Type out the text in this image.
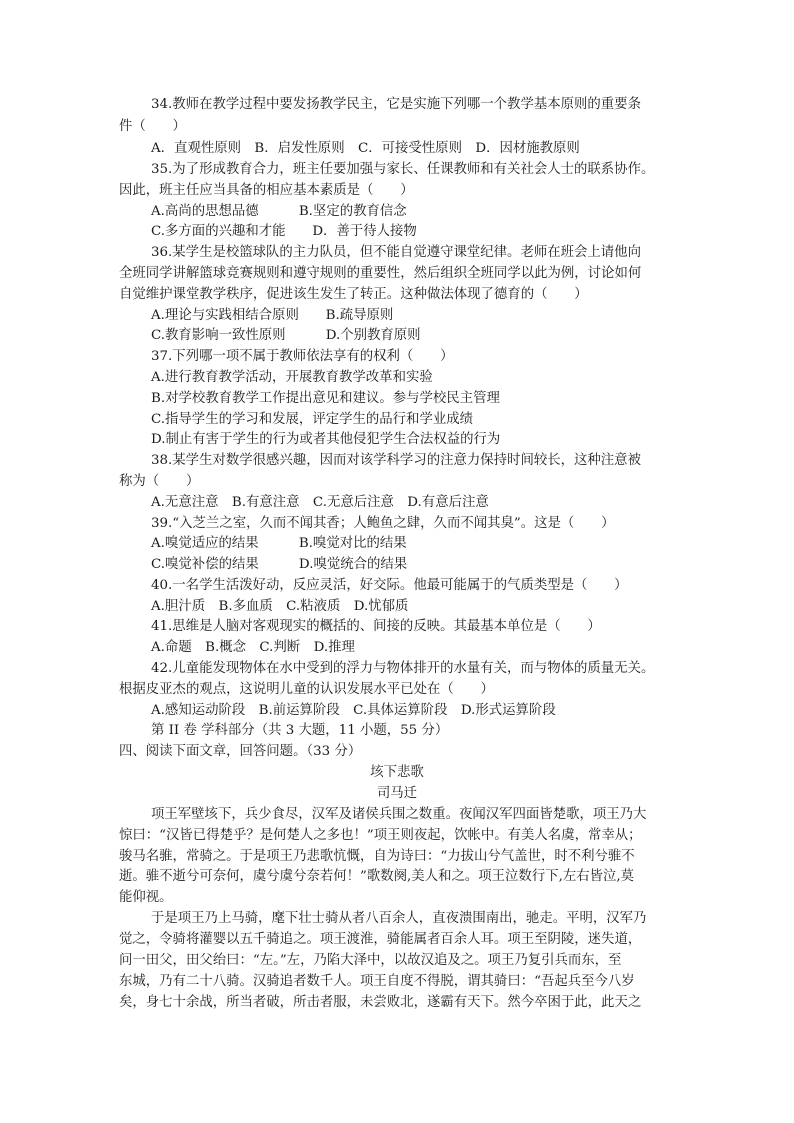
34.教师在教学过程中要发扬教学民主，它是实施下列哪一个教学基本原则的重要条
件（　　）
A．直观性原则　B．启发性原则　C．可接受性原则　D．因材施教原则
35.为了形成教育合力，班主任要加强与家长、任课教师和有关社会人士的联系协作。
因此，班主任应当具备的相应基本素质是（　　）
A.高尚的思想品德　　　B.坚定的教育信念
C.多方面的兴趣和才能　　D．善于待人接物
36.某学生是校篮球队的主力队员，但不能自觉遵守课堂纪律。老师在班会上请他向
全班同学讲解篮球竞赛规则和遵守规则的重要性，然后组织全班同学以此为例，讨论如何
自觉维护课堂教学秩序，促进该生发生了转正。这种做法体现了德育的（　　）
A.理论与实践相结合原则　　B.疏导原则
C.教育影响一致性原则　　　D.个别教育原则
37.下列哪一项不属于教师依法享有的权利（　　）
A.进行教育教学活动，开展教育教学改革和实验
B.对学校教育教学工作提出意见和建议。参与学校民主管理
C.指导学生的学习和发展，评定学生的品行和学业成绩
D.制止有害于学生的行为或者其他侵犯学生合法权益的行为
38.某学生对数学很感兴趣，因而对该学科学习的注意力保持时间较长，这种注意被
称为（　　）
A.无意注意　B.有意注意　C.无意后注意　D.有意后注意
39.“入芝兰之室，久而不闻其香；人鲍鱼之肆，久而不闻其臭”。这是（　　）
A.嗅觉适应的结果　　　B.嗅觉对比的结果
C.嗅觉补偿的结果　　　D.嗅觉统合的结果
40.一名学生活泼好动，反应灵活，好交际。他最可能属于的气质类型是（　　）
A.胆汁质　B.多血质　C.粘液质　D.忧郁质
41.思维是人脑对客观现实的概括的、间接的反映。其最基本单位是（　　）
A.命题　B.概念　C.判断　D.推理
42.儿童能发现物体在水中受到的浮力与物体排开的水量有关，而与物体的质量无关。
根据皮亚杰的观点，这说明儿童的认识发展水平已处在（　　）
A.感知运动阶段　B.前运算阶段　C.具体运算阶段　D.形式运算阶段
第 II 卷 学科部分（共 3 大题，11 小题，55 分）
四、阅读下面文章，回答问题。（33 分）
垓下悲歌
司马迁
项王军壁垓下，兵少食尽，汉军及诸侯兵围之数重。夜闻汉军四面皆楚歌，项王乃大
惊曰：“汉皆已得楚乎？是何楚人之多也！”项王则夜起，饮帐中。有美人名虞，常幸从；
骏马名骓，常骑之。于是项王乃悲歌忼慨，自为诗曰：“力拔山兮气盖世，时不利兮骓不
逝。骓不逝兮可奈何，虞兮虞兮奈若何！”歌数阕,美人和之。项王泣数行下,左右皆泣,莫
能仰视。
于是项王乃上马骑，麾下壮士骑从者八百余人，直夜溃围南出，驰走。平明，汉军乃
觉之，令骑将灌婴以五千骑追之。项王渡淮，骑能属者百余人耳。项王至阴陵，迷失道，
问一田父，田父绐曰：“左。”左，乃陷大泽中，以故汉追及之。项王乃复引兵而东，至
东城，乃有二十八骑。汉骑追者数千人。项王自度不得脱，谓其骑曰：“吾起兵至今八岁
矣，身七十余战，所当者破，所击者服，未尝败北，遂霸有天下。然今卒困于此，此天之
